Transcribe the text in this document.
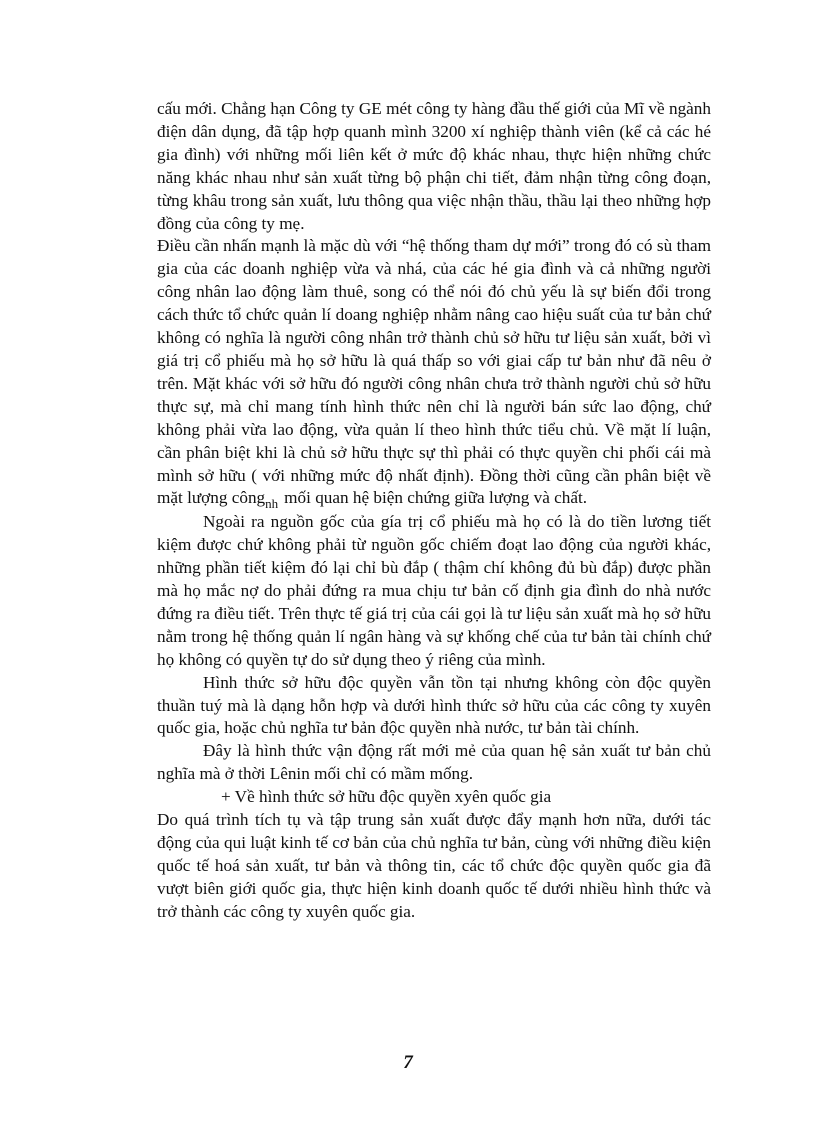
cấu mới. Chẳng hạn Công ty GE mét công ty hàng đầu thế giới của Mĩ về ngành điện dân dụng, đã tập hợp quanh mình 3200 xí nghiệp thành viên (kể cả các hé gia đình) với những mối liên kết ở mức độ khác nhau, thực hiện những chức năng khác nhau như sản xuất từng bộ phận chi tiết, đảm nhận từng công đoạn, từng khâu trong sản xuất, lưu thông qua việc nhận thầu, thầu lại theo những hợp đồng của công ty mẹ.

Điều cần nhấn mạnh là mặc dù với “hệ thống tham dự mới” trong đó có sù tham gia của các doanh nghiệp vừa và nhá, của các hé gia đình và cả những người công nhân lao động làm thuê, song có thể nói đó chủ yếu là sự biến đổi trong cách thức tổ chức quản lí doang nghiệp nhằm nâng cao hiệu suất của tư bản chứ không có nghĩa là người công nhân trở thành chủ sở hữu tư liệu sản xuất, bởi vì giá trị cổ phiếu mà họ sở hữu là quá thấp so với giai cấp tư bản như đã nêu ở trên. Mặt khác với sở hữu đó người công nhân chưa trở thành người chủ sở hữu thực sự, mà chỉ mang tính hình thức nên chỉ là người bán sức lao động, chứ không phải vừa lao động, vừa quản lí theo hình thức tiểu chủ. Về mặt lí luận, cần phân biệt khi là chủ sở hữu thực sự thì phải có thực quyền chi phối cái mà mình sở hữu ( với những mức độ nhất định). Đồng thời cũng cần phân biệt về mặt lượng công$_{nh}$ mối quan hệ biện chứng giữa lượng và chất.

Ngoài ra nguồn gốc của gía trị cổ phiếu mà họ có là do tiền lương tiết kiệm được chứ không phải từ nguồn gốc chiếm đoạt lao động của người khác, những phần tiết kiệm đó lại chỉ bù đắp ( thậm chí không đủ bù đắp) được phần mà họ mắc nợ do phải đứng ra mua chịu tư bản cố định gia đình do nhà nước đứng ra điều tiết. Trên thực tế giá trị của cái gọi là tư liệu sản xuất mà họ sở hữu nằm trong hệ thống quản lí ngân hàng và sự khống chế của tư bản tài chính chứ họ không có quyền tự do sử dụng theo ý riêng của mình.

Hình thức sở hữu độc quyền vẫn tồn tại nhưng không còn độc quyền thuần tuý mà là dạng hỗn hợp và dưới hình thức sở hữu của các công ty xuyên quốc gia, hoặc chủ nghĩa tư bản độc quyền nhà nước, tư bản tài chính.

Đây là hình thức vận động rất mới mẻ của quan hệ sản xuất tư bản chủ nghĩa mà ở thời Lênin mối chỉ có mầm mống.

+ Về hình thức sở hữu độc quyền xyên quốc gia

Do quá trình tích tụ và tập trung sản xuất được đẩy mạnh hơn nữa, dưới tác động của qui luật kinh tế cơ bản của chủ nghĩa tư bản, cùng với những điều kiện quốc tế hoá sản xuất, tư bản và thông tin, các tổ chức độc quyền quốc gia đã vượt biên giới quốc gia, thực hiện kinh doanh quốc tế dưới nhiều hình thức và trở thành các công ty xuyên quốc gia.

7
